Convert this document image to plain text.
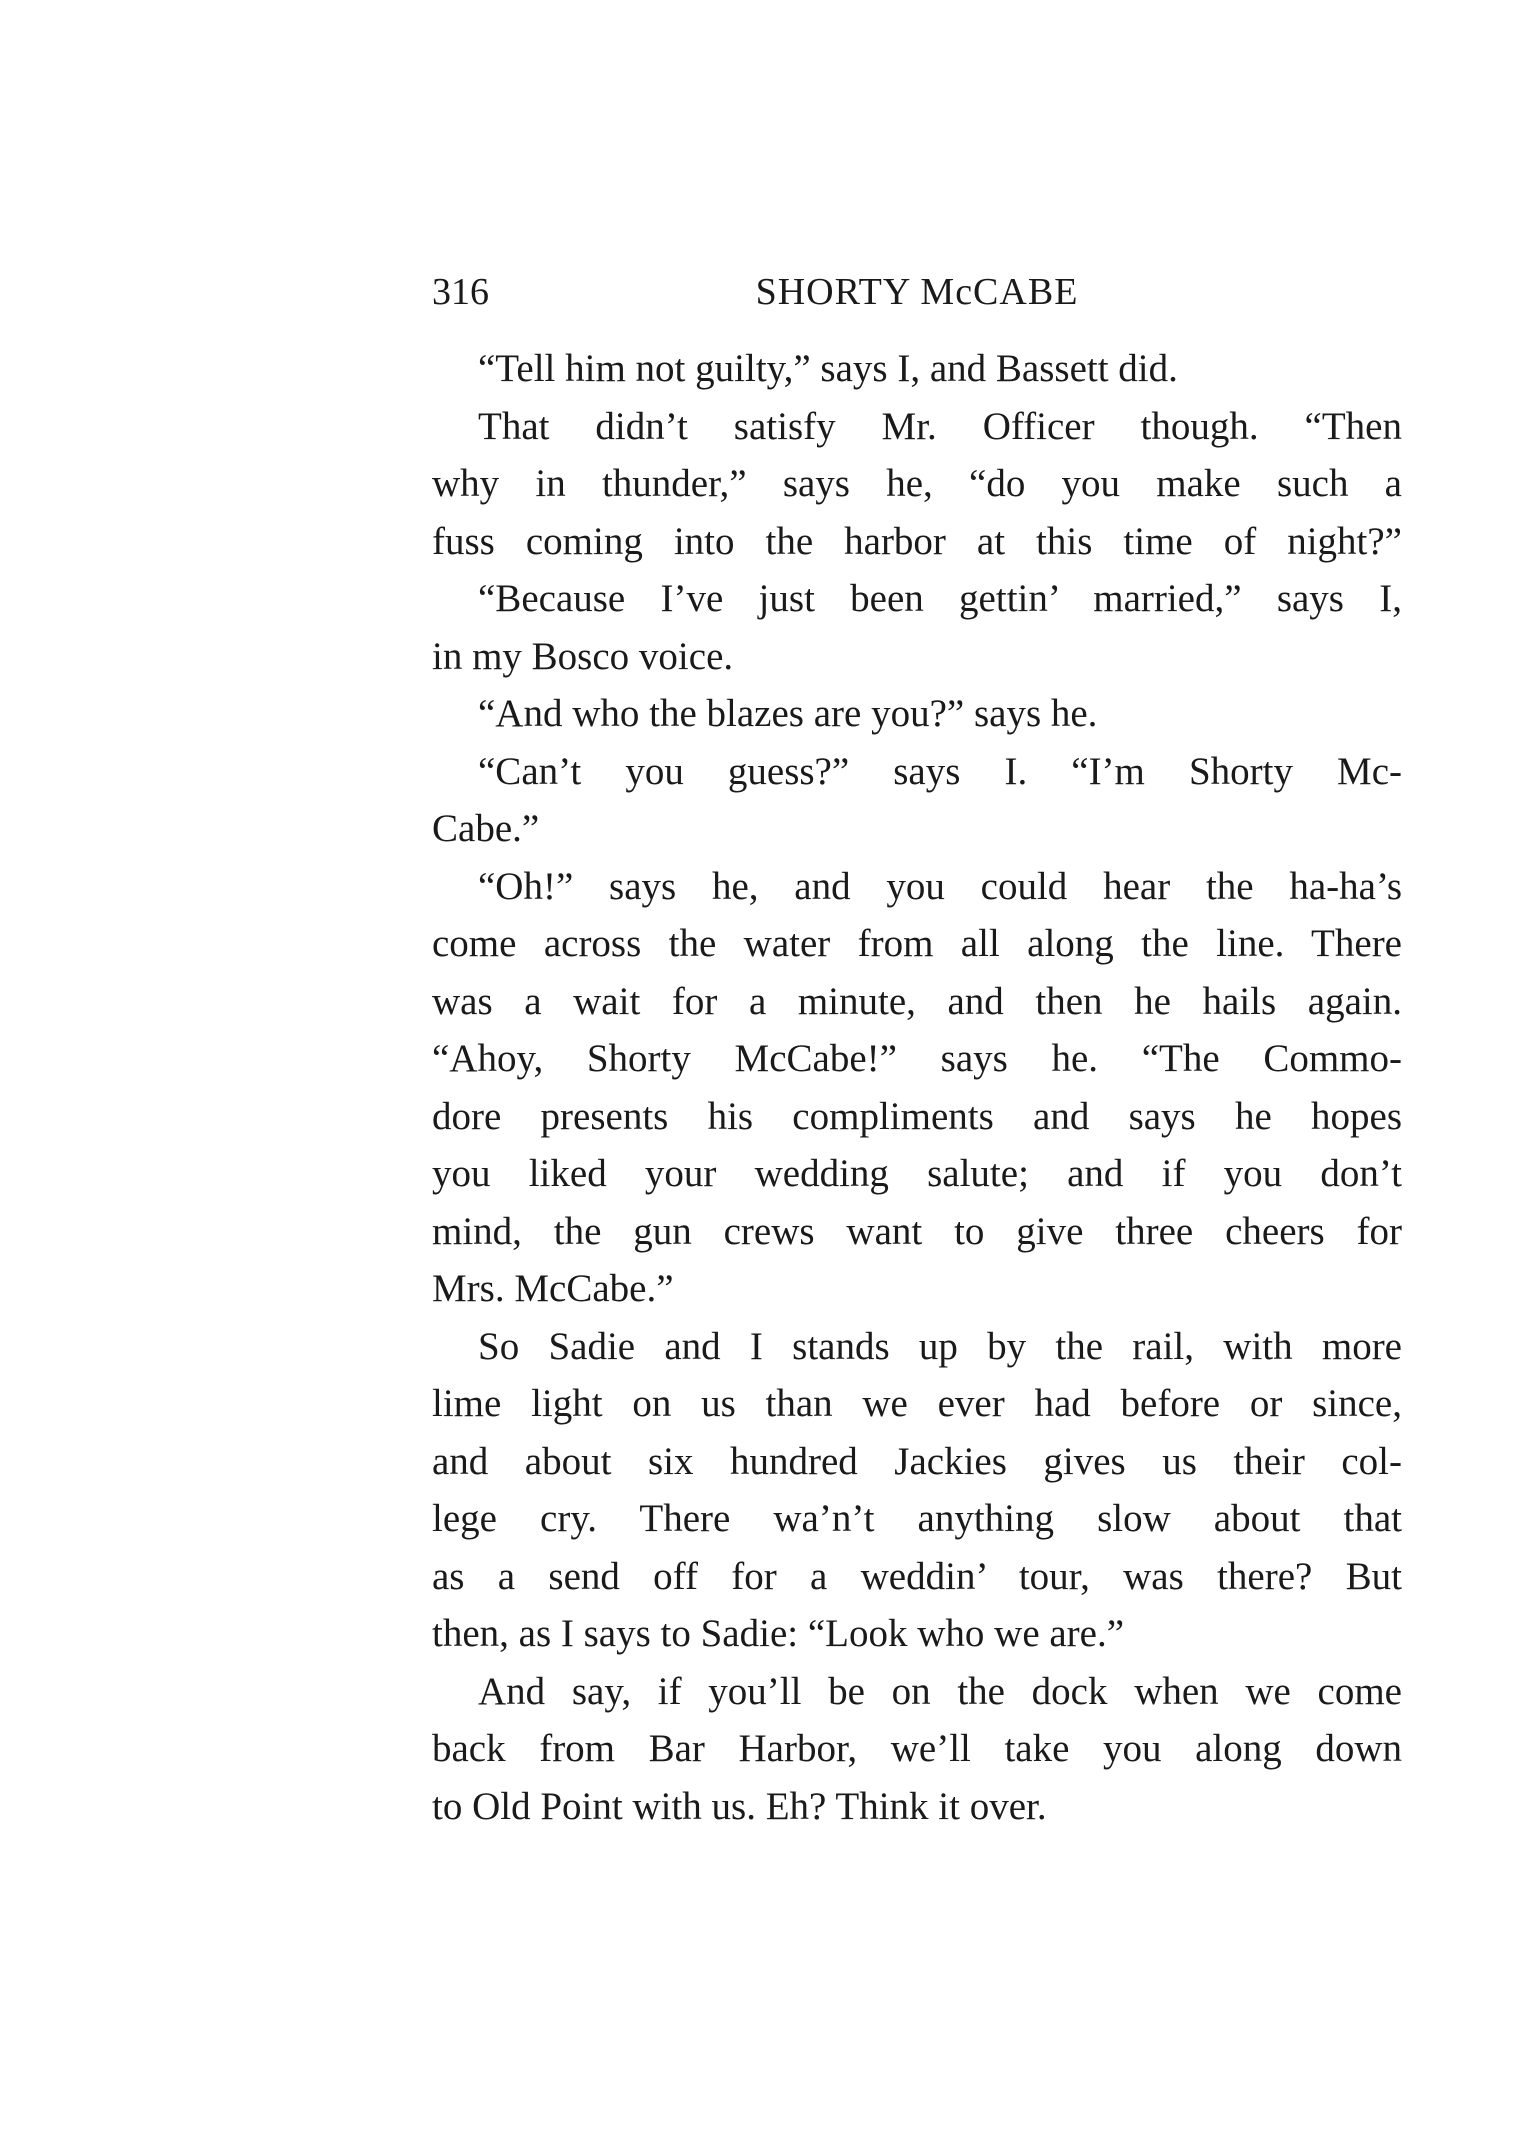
316	SHORTY McCABE
“Tell him not guilty,” says I, and Bassett did.
That didn’t satisfy Mr. Officer though. “Then
why in thunder,” says he, “do you make such a
fuss coming into the harbor at this time of night?”
“Because I’ve just been gettin’ married,” says I,
in my Bosco voice.
“And who the blazes are you?” says he.
“Can’t you guess?” says I. “I’m Shorty Mc-
Cabe.”
“Oh!” says he, and you could hear the ha-ha’s
come across the water from all along the line. There
was a wait for a minute, and then he hails again.
“Ahoy, Shorty McCabe!” says he. “The Commo-
dore presents his compliments and says he hopes
you liked your wedding salute; and if you don’t
mind, the gun crews want to give three cheers for
Mrs. McCabe.”
So Sadie and I stands up by the rail, with more
lime light on us than we ever had before or since,
and about six hundred Jackies gives us their col-
lege cry. There wa’n’t anything slow about that
as a send off for a weddin’ tour, was there? But
then, as I says to Sadie: “Look who we are.”
And say, if you’ll be on the dock when we come
back from Bar Harbor, we’ll take you along down
to Old Point with us. Eh? Think it over.
